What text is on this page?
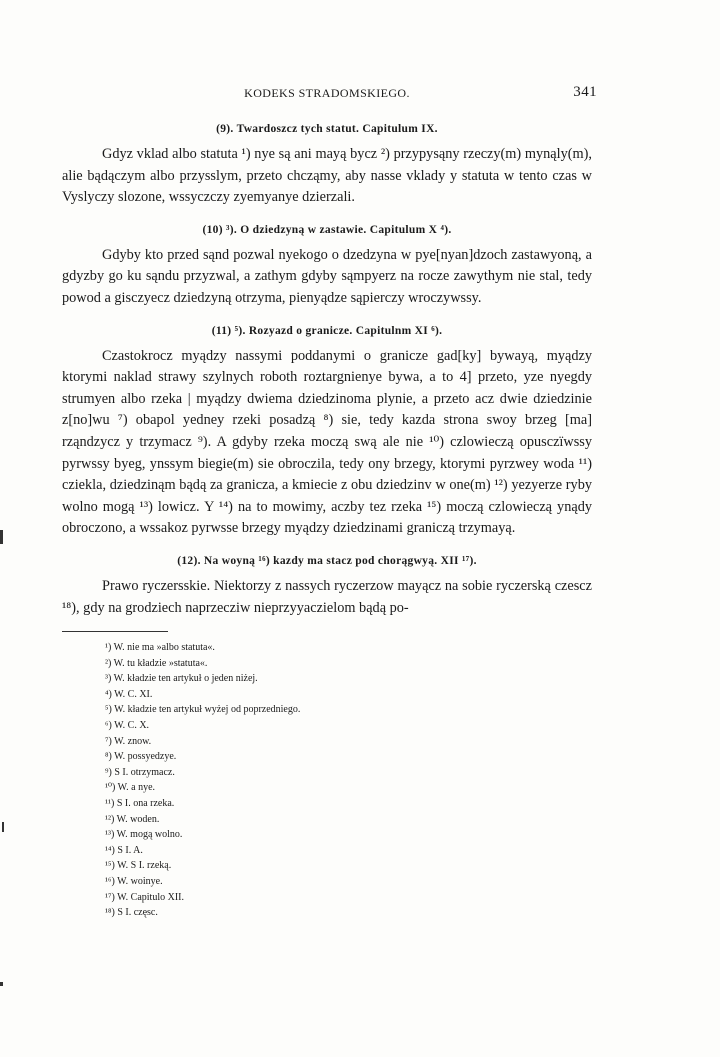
KODEKS STRADOMSKIEGO.	341
(9). Twardoszcz tych statut. Capitulum IX.

Gdyz vklad albo statuta ¹) nye są ani mayą bycz ²) przypysąny rzeczy(m) mynąly(m), alie bądączym albo przysslym, przeto chcząmy, aby nasse vklady y statuta w tento czas w Vyslyczy slozone, wssyczczy zyemyanye dzierzali.

(10) ³). O dziedzyną w zastawie. Capitulum X ⁴).

Gdyby kto przed sąnd pozwal nyekogo o dzedzyna w pye[nyan]dzoch zastawyoną, a gdyzby go ku sąndu przyzwal, a zathym gdyby sąmpyerz na rocze zawythym nie stal, tedy powod a gisczyecz dziedzyną otrzyma, pienyądze sąpierczy wroczywssy.

(11) ⁵). Rozyazd o granicze. Capitulnm XI ⁶).

Czastokrocz myądzy nassymi poddanymi o granicze gad[ky] bywayą, myądzy ktorymi naklad strawy szylnych roboth roztargnienye bywa, a to 4] przeto, yze nyegdy strumyen albo rzeka | myądzy dwiema dziedzinoma plynie, a przeto acz dwie dziedzinie z[no]wu ⁷) obapol yedney rzeki posadzą ⁸) sie, tedy kazda strona swoy brzeg [ma] rząndzycz y trzymacz ⁹). A gdyby rzeka moczą swą ale nie ¹⁰) czlowieczą opusczïwssy pyrwssy byeg, ynssym biegie(m) sie obroczila, tedy ony brzegy, ktorymi pyrzwey woda ¹¹) cziekla, dziedzinąm bądą za granicza, a kmiecie z obu dziedzinv w one(m) ¹²) yezyerze ryby wolno mogą ¹³) lowicz. Y ¹⁴) na to mowimy, aczby tez rzeka ¹⁵) moczą czlowieczą ynądy obroczono, a wssakoz pyrwsse brzegy myądzy dziedzinami graniczą trzymayą.

(12). Na woyną ¹⁶) kazdy ma stacz pod chorągwyą. XII ¹⁷).

Prawo ryczersskie. Niektorzy z nassych ryczerzow mayącz na sobie ryczerską czescz ¹⁸), gdy na grodziech naprzecziw nieprzyyaczielom bądą po-

¹) W. nie ma »albo statuta«.
²) W. tu kładzie »statuta«.
³) W. kładzie ten artykuł o jeden niżej.
⁴) W. C. XI.
⁵) W. kładzie ten artykuł wyżej od poprzedniego.
⁶) W. C. X.
⁷) W. znow.
⁸) W. possyedzye.
⁹) S I. otrzymacz.
¹⁰) W. a nye.
¹¹) S I. ona rzeka.
¹²) W. woden.
¹³) W. mogą wolno.
¹⁴) S I. A.
¹⁵) W. S I. rzeką.
¹⁶) W. woinye.
¹⁷) W. Capitulo XII.
¹⁸) S I. częsc.
